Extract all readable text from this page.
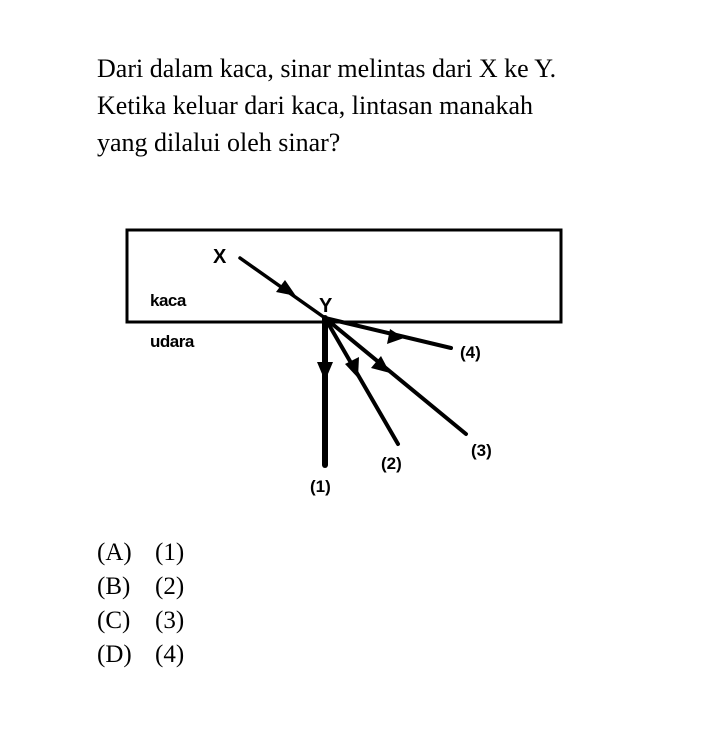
Dari dalam kaca, sinar melintas dari X ke Y.
Ketika keluar dari kaca, lintasan manakah
yang dilalui oleh sinar?
X
Y
kaca
udara
(4)
(3)
(2)
(1)
(A) (1)
(B) (2)
(C) (3)
(D) (4)
